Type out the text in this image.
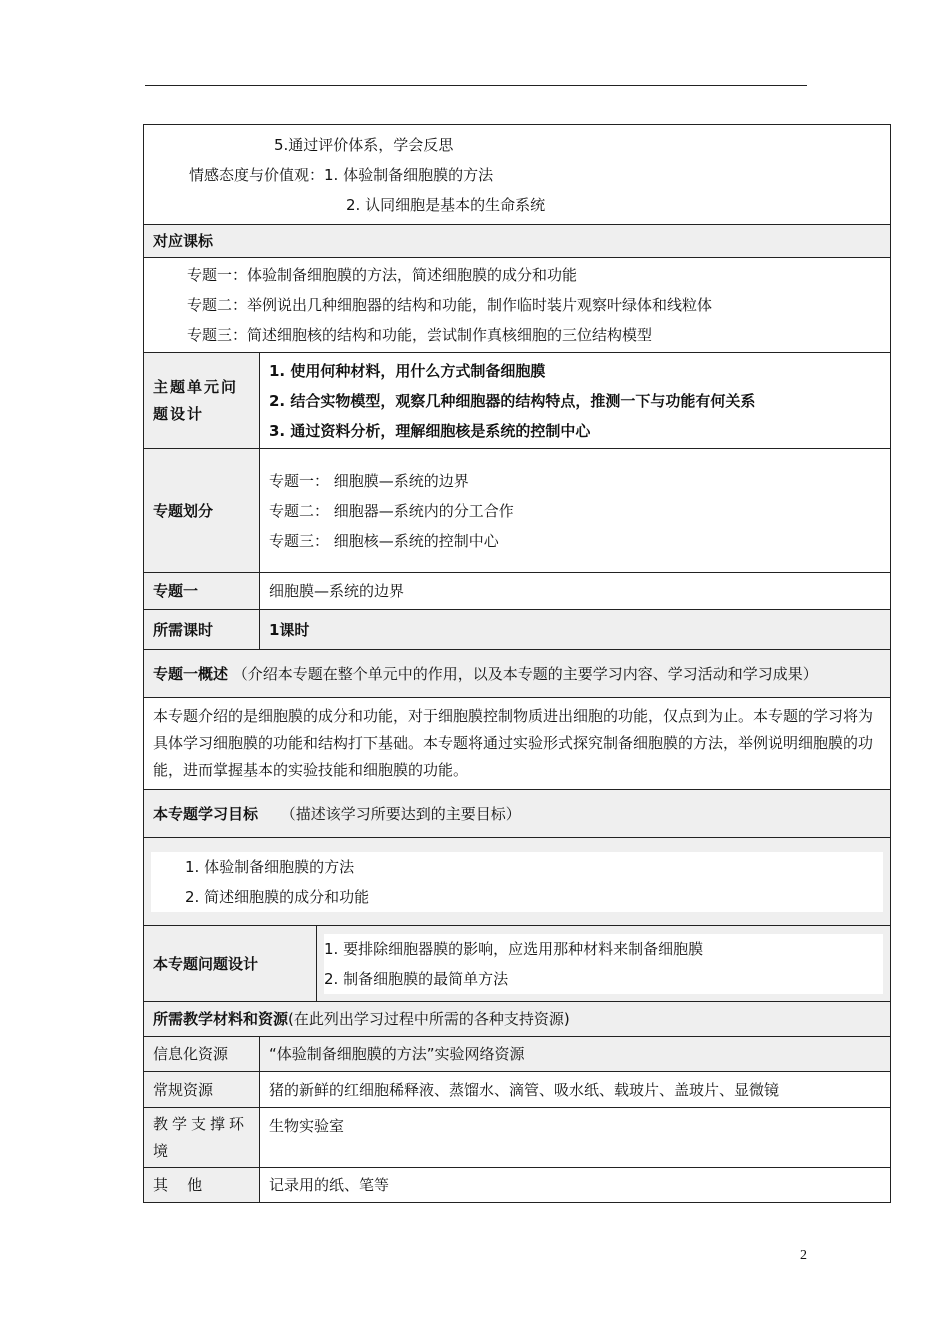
5.通过评价体系，学会反思
情感态度与价值观：1. 体验制备细胞膜的方法
2. 认同细胞是基本的生命系统		

对应课标		

专题一：体验制备细胞膜的方法，简述细胞膜的成分和功能
专题二：举例说出几种细胞器的结构和功能，制作临时装片观察叶绿体和线粒体
专题三：简述细胞核的结构和功能，尝试制作真核细胞的三位结构模型		

主题单元问题设计	1. 使用何种材料，用什么方式制备细胞膜
2. 结合实物模型，观察几种细胞器的结构特点，推测一下与功能有何关系
3. 通过资料分析，理解细胞核是系统的控制中心	

专题划分	专题一： 细胞膜—系统的边界
专题二： 细胞器—系统内的分工合作
专题三： 细胞核—系统的控制中心	

专题一	细胞膜—系统的边界	
所需课时	1课时	
专题一概述 （介绍本专题在整个单元中的作用，以及本专题的主要学习内容、学习活动和学习成果）		
本专题介绍的是细胞膜的成分和功能，对于细胞膜控制物质进出细胞的功能，仅点到为止。本专题的学习将为具体学习细胞膜的功能和结构打下基础。本专题将通过实验形式探究制备细胞膜的方法，举例说明细胞膜的功能，进而掌握基本的实验技能和细胞膜的功能。		
本专题学习目标 （描述该学习所要达到的主要目标）		

1. 体验制备细胞膜的方法
2. 简述细胞膜的成分和功能		

本专题问题设计		1. 要排除细胞器膜的影响，应选用那种材料来制备细胞膜
2. 制备细胞膜的最简单方法

所需教学材料和资源(在此列出学习过程中所需的各种支持资源)		
信息化资源	“体验制备细胞膜的方法”实验网络资源	
常规资源	猪的新鲜的红细胞稀释液、蒸馏水、滴管、吸水纸、载玻片、盖玻片、显微镜	
教学支撑环境	生物实验室	
其    他	记录用的纸、笔等	
2
